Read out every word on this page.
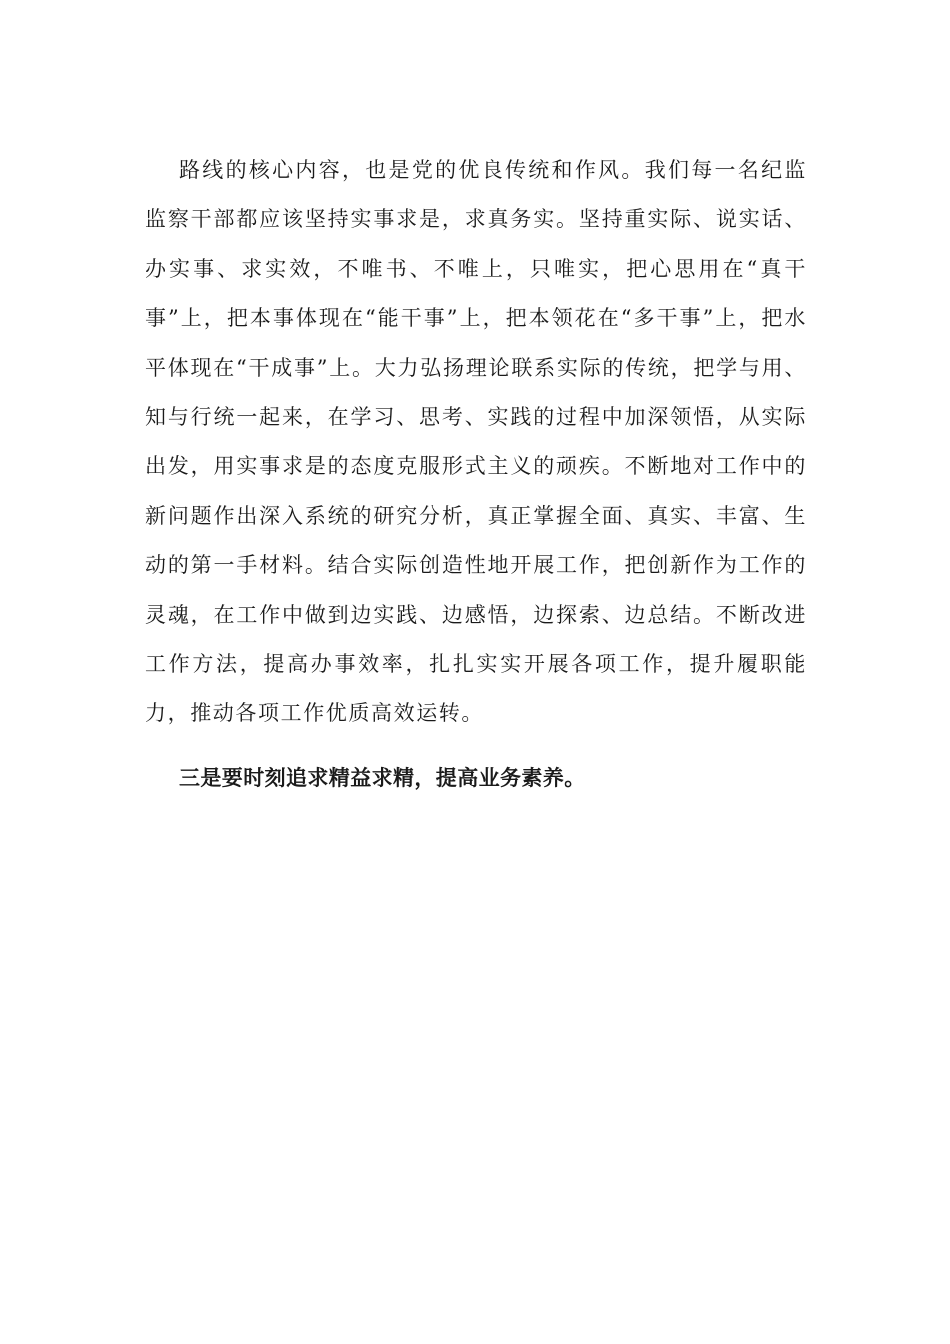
路线的核心内容，也是党的优良传统和作风。我们每一名纪监监察干部都应该坚持实事求是，求真务实。坚持重实际、说实话、办实事、求实效，不唯书、不唯上，只唯实，把心思用在“真干事”上，把本事体现在“能干事”上，把本领花在“多干事”上，把水平体现在“干成事”上。大力弘扬理论联系实际的传统，把学与用、知与行统一起来，在学习、思考、实践的过程中加深领悟，从实际出发，用实事求是的态度克服形式主义的顽疾。不断地对工作中的新问题作出深入系统的研究分析，真正掌握全面、真实、丰富、生动的第一手材料。结合实际创造性地开展工作，把创新作为工作的灵魂，在工作中做到边实践、边感悟，边探索、边总结。不断改进工作方法，提高办事效率，扎扎实实开展各项工作，提升履职能力，推动各项工作优质高效运转。

三是要时刻追求精益求精，提高业务素养。
